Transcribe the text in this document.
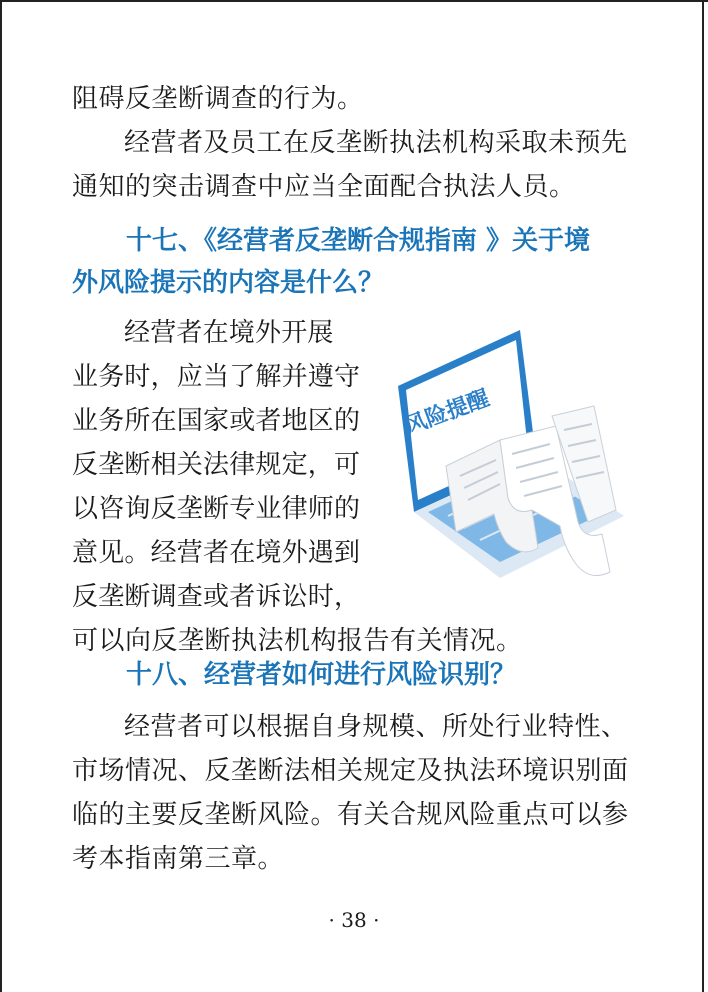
阻碍反垄断调查的行为。
经营者及员工在反垄断执法机构采取未预先
通知的突击调查中应当全面配合执法人员。
十七、《经营者反垄断合规指南 》关于境
外风险提示的内容是什么？
经营者在境外开展
业务时，应当了解并遵守
业务所在国家或者地区的
反垄断相关法律规定，可
以咨询反垄断专业律师的
意见。经营者在境外遇到
反垄断调查或者诉讼时，
可以向反垄断执法机构报告有关情况。
风险提醒
十八、经营者如何进行风险识别？
经营者可以根据自身规模、所处行业特性、
市场情况、反垄断法相关规定及执法环境识别面
临的主要反垄断风险。有关合规风险重点可以参
考本指南第三章。
· 38 ·
